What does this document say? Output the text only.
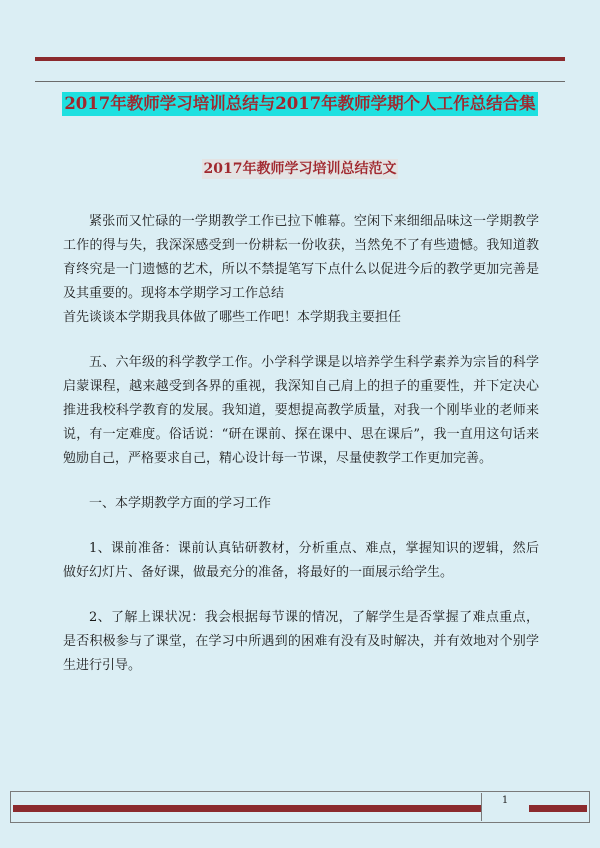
2017年教师学习培训总结与2017年教师学期个人工作总结合集
2017年教师学习培训总结范文

紧张而又忙碌的一学期教学工作已拉下帷幕。空闲下来细细品味这一学期教学工作的得与失，我深深感受到一份耕耘一份收获，当然免不了有些遗憾。我知道教育终究是一门遗憾的艺术，所以不禁提笔写下点什么以促进今后的教学更加完善是及其重要的。现将本学期学习工作总结

首先谈谈本学期我具体做了哪些工作吧！本学期我主要担任

五、六年级的科学教学工作。小学科学课是以培养学生科学素养为宗旨的科学启蒙课程，越来越受到各界的重视，我深知自己肩上的担子的重要性，并下定决心推进我校科学教育的发展。我知道，要想提高教学质量，对我一个刚毕业的老师来说，有一定难度。俗话说：“研在课前、探在课中、思在课后”，我一直用这句话来勉励自己，严格要求自己，精心设计每一节课，尽量使教学工作更加完善。

一、本学期教学方面的学习工作

1、课前准备：课前认真钻研教材，分析重点、难点，掌握知识的逻辑，然后做好幻灯片、备好课，做最充分的准备，将最好的一面展示给学生。

2、了解上课状况：我会根据每节课的情况，了解学生是否掌握了难点重点，是否积极参与了课堂，在学习中所遇到的困难有没有及时解决，并有效地对个别学生进行引导。

1
